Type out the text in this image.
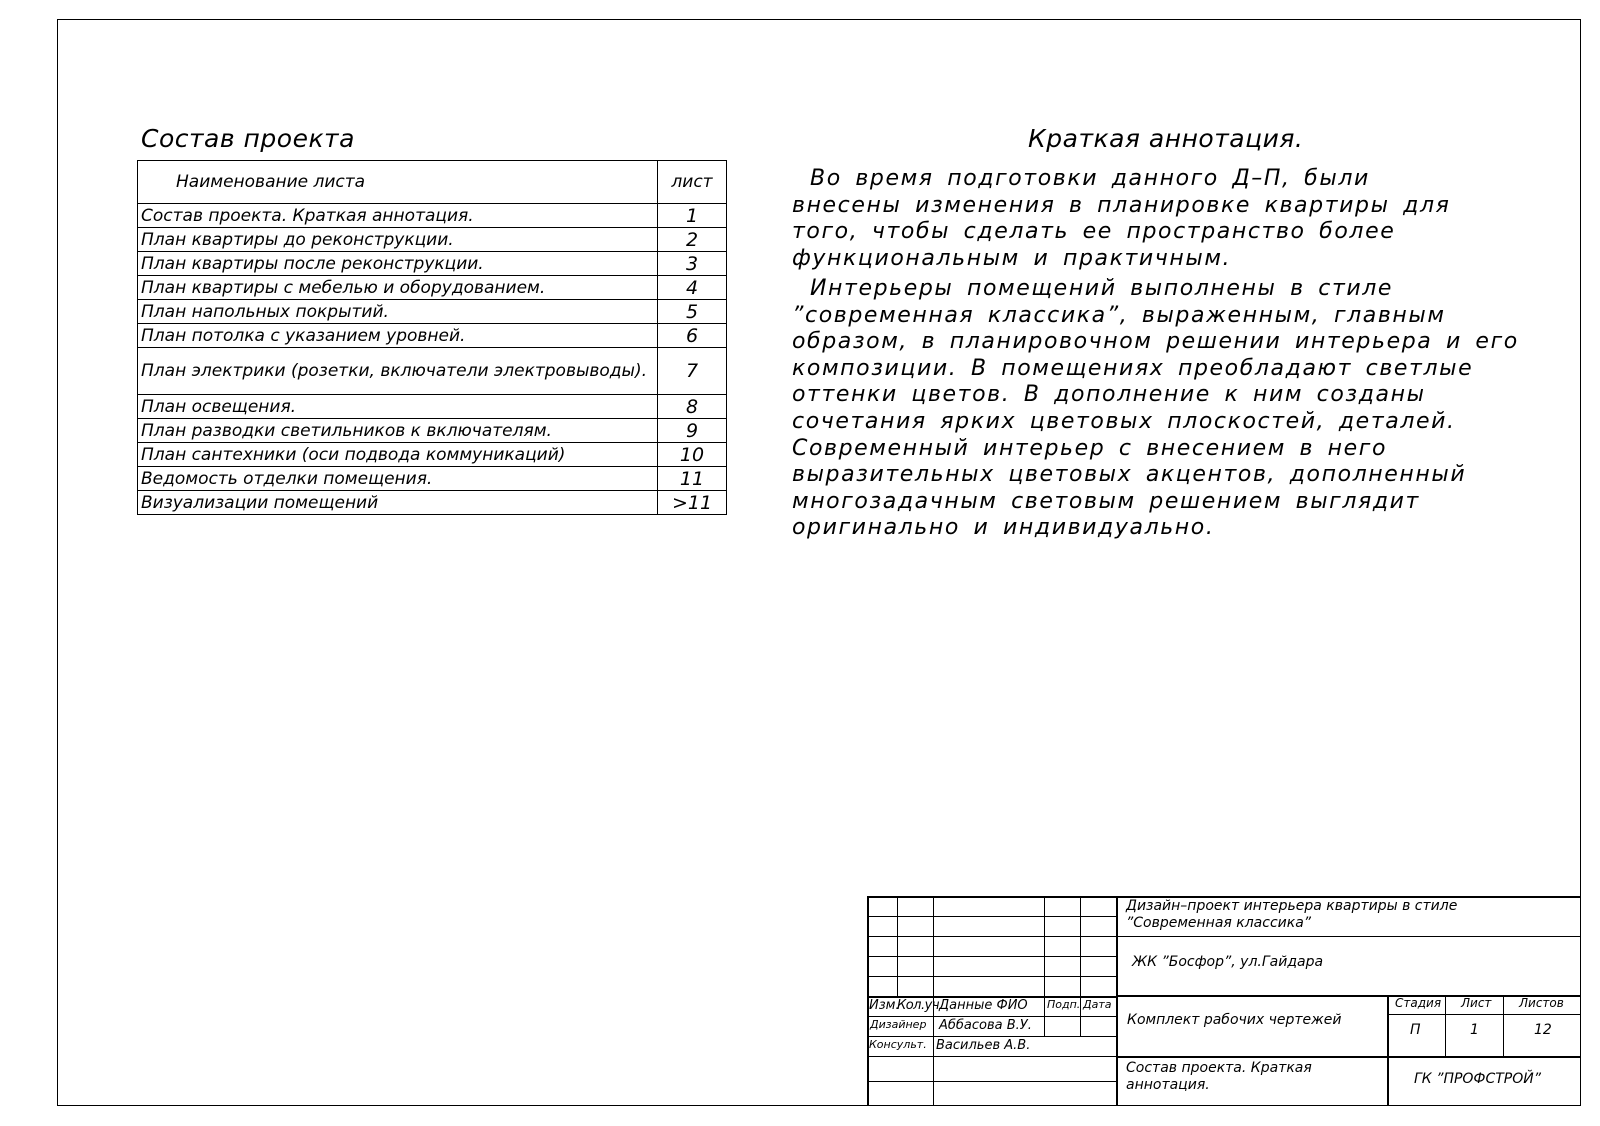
Состав проекта
Наименование листа	лист
Состав проекта. Краткая аннотация.	1
План квартиры до реконструкции.	2
План квартиры после реконструкции.	3
План квартиры с мебелью и оборудованием.	4
План напольных покрытий.	5
План потолка с указанием уровней.	6
План электрики (розетки, включатели электровыводы).	7
План освещения.	8
План разводки светильников к включателям.	9
План сантехники (оси подвода коммуникаций)	10
Ведомость отделки помещения.	11
Визуализации помещений	>11
Краткая аннотация.

Во время подготовки данного Д–П, были внесены изменения в планировке квартиры для того, чтобы сделать ее пространство более функциональным и практичным.

Интерьеры помещений выполнены в стиле ”современная классика”, выраженным, главным образом, в планировочном решении интерьера и его композиции. В помещениях преобладают светлые оттенки цветов. В дополнение к ним созданы сочетания ярких цветовых плоскостей, деталей. Современный интерьер с внесением в него выразительных цветовых акцентов, дополненный многозадачным световым решением выглядит оригинально и индивидуально.

Изм.
Кол.уч Данные ФИО Подп. Дата
Дизайнер Аббасова В.У.
Консульт. Васильев А.В.
Дизайн–проект интерьера квартиры в стиле ”Современная классика”
ЖК ”Босфор”, ул.Гайдара
Комплект рабочих чертежей
Стадия Лист Листов
П	1	12
Состав проекта. Краткая аннотация.	ГК ”ПРОФСТРОЙ”
